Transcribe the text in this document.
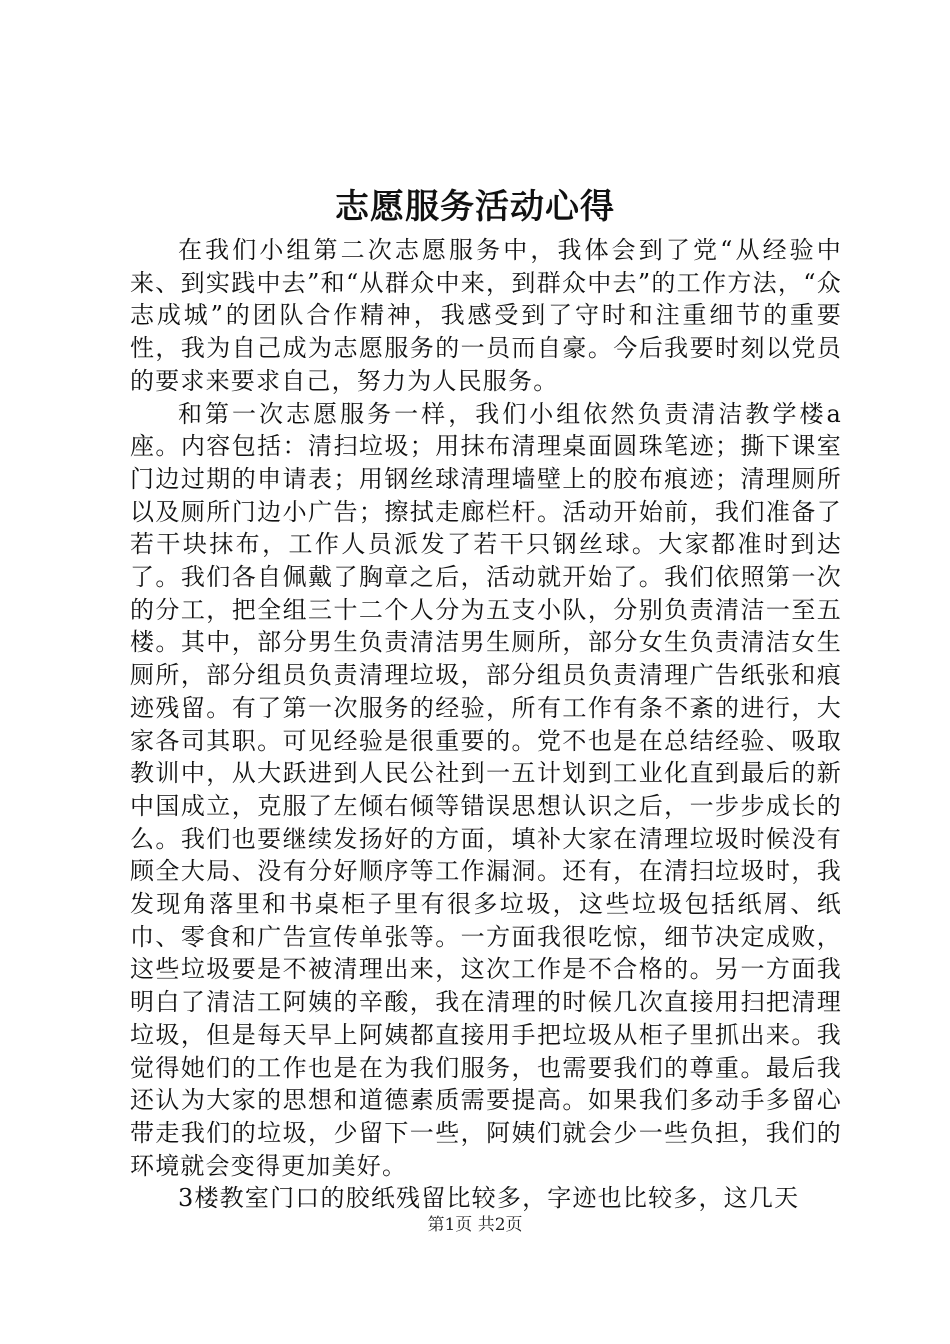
志愿服务活动心得

在我们小组第二次志愿服务中，我体会到了党“从经验中来、到实践中去”和“从群众中来，到群众中去”的工作方法，“众志成城”的团队合作精神，我感受到了守时和注重细节的重要性，我为自己成为志愿服务的一员而自豪。今后我要时刻以党员的要求来要求自己，努力为人民服务。

和第一次志愿服务一样，我们小组依然负责清洁教学楼a座。内容包括：清扫垃圾；用抹布清理桌面圆珠笔迹；撕下课室门边过期的申请表；用钢丝球清理墙壁上的胶布痕迹；清理厕所以及厕所门边小广告；擦拭走廊栏杆。活动开始前，我们准备了若干块抹布，工作人员派发了若干只钢丝球。大家都准时到达了。我们各自佩戴了胸章之后，活动就开始了。我们依照第一次的分工，把全组三十二个人分为五支小队，分别负责清洁一至五楼。其中，部分男生负责清洁男生厕所，部分女生负责清洁女生厕所，部分组员负责清理垃圾，部分组员负责清理广告纸张和痕迹残留。有了第一次服务的经验，所有工作有条不紊的进行，大家各司其职。可见经验是很重要的。党不也是在总结经验、吸取教训中，从大跃进到人民公社到一五计划到工业化直到最后的新中国成立，克服了左倾右倾等错误思想认识之后，一步步成长的么。我们也要继续发扬好的方面，填补大家在清理垃圾时候没有顾全大局、没有分好顺序等工作漏洞。还有，在清扫垃圾时，我发现角落里和书桌柜子里有很多垃圾，这些垃圾包括纸屑、纸巾、零食和广告宣传单张等。一方面我很吃惊，细节决定成败，这些垃圾要是不被清理出来，这次工作是不合格的。另一方面我明白了清洁工阿姨的辛酸，我在清理的时候几次直接用扫把清理垃圾，但是每天早上阿姨都直接用手把垃圾从柜子里抓出来。我觉得她们的工作也是在为我们服务，也需要我们的尊重。最后我还认为大家的思想和道德素质需要提高。如果我们多动手多留心带走我们的垃圾，少留下一些，阿姨们就会少一些负担，我们的环境就会变得更加美好。

3楼教室门口的胶纸残留比较多，字迹也比较多，这几天

第1页 共2页
